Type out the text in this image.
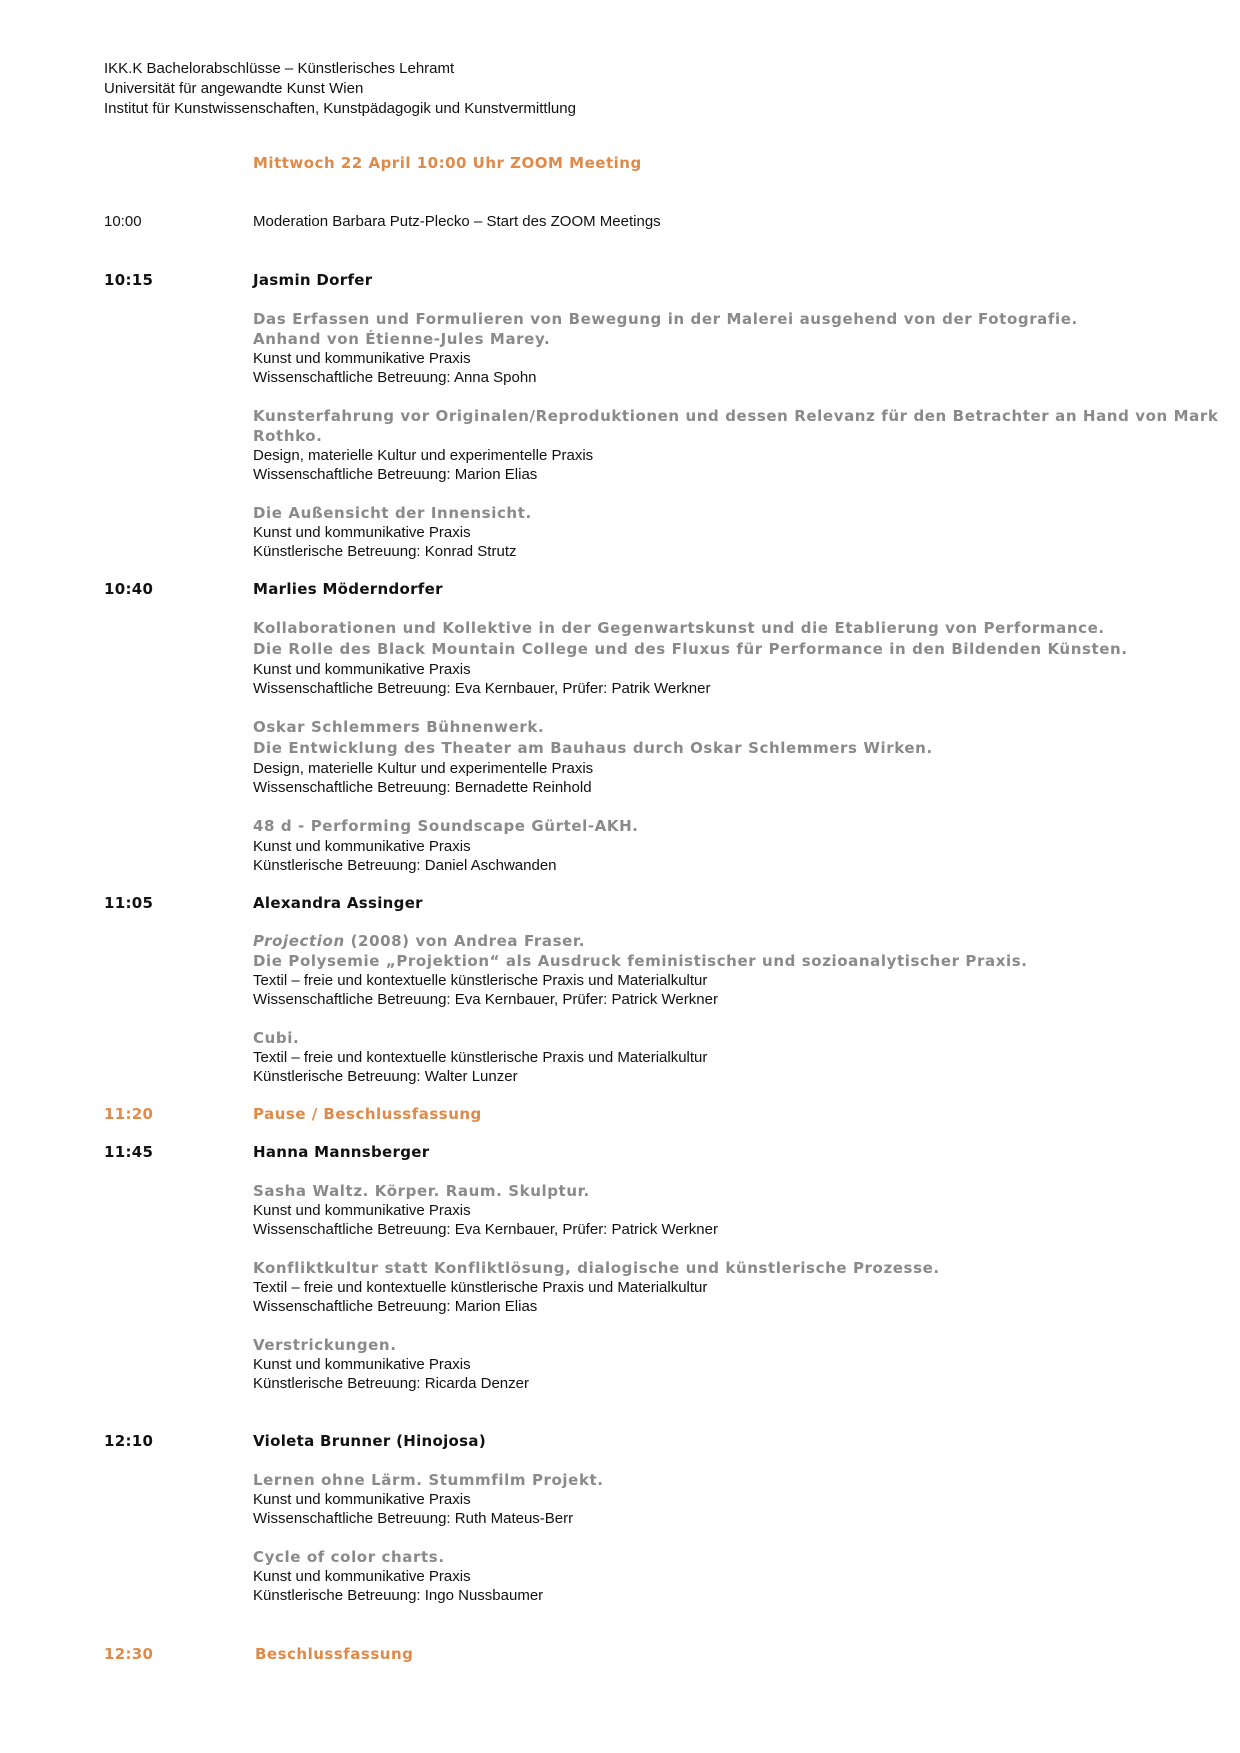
IKK.K Bachelorabschlüsse – Künstlerisches Lehramt
Universität für angewandte Kunst Wien
Institut für Kunstwissenschaften, Kunstpädagogik und Kunstvermittlung
Mittwoch 22 April 10:00 Uhr ZOOM Meeting
10:00	Moderation Barbara Putz-Plecko – Start des ZOOM Meetings
10:15	Jasmin Dorfer
Das Erfassen und Formulieren von Bewegung in der Malerei ausgehend von der Fotografie.
Anhand von Étienne-Jules Marey.
Kunst und kommunikative Praxis
Wissenschaftliche Betreuung: Anna Spohn
Kunsterfahrung vor Originalen/Reproduktionen und dessen Relevanz für den Betrachter an Hand von Mark
Rothko.
Design, materielle Kultur und experimentelle Praxis
Wissenschaftliche Betreuung: Marion Elias
Die Außensicht der Innensicht.
Kunst und kommunikative Praxis
Künstlerische Betreuung: Konrad Strutz
10:40	Marlies Möderndorfer
Kollaborationen und Kollektive in der Gegenwartskunst und die Etablierung von Performance.
Die Rolle des Black Mountain College und des Fluxus für Performance in den Bildenden Künsten.
Kunst und kommunikative Praxis
Wissenschaftliche Betreuung: Eva Kernbauer, Prüfer: Patrik Werkner
Oskar Schlemmers Bühnenwerk.
Die Entwicklung des Theater am Bauhaus durch Oskar Schlemmers Wirken.
Design, materielle Kultur und experimentelle Praxis
Wissenschaftliche Betreuung: Bernadette Reinhold
48 d - Performing Soundscape Gürtel-AKH.
Kunst und kommunikative Praxis
Künstlerische Betreuung: Daniel Aschwanden
11:05	Alexandra Assinger
Projection (2008) von Andrea Fraser.
Die Polysemie „Projektion“ als Ausdruck feministischer und sozioanalytischer Praxis.
Textil – freie und kontextuelle künstlerische Praxis und Materialkultur
Wissenschaftliche Betreuung: Eva Kernbauer, Prüfer: Patrick Werkner
Cubi.
Textil – freie und kontextuelle künstlerische Praxis und Materialkultur
Künstlerische Betreuung: Walter Lunzer
11:20	Pause / Beschlussfassung
11:45	Hanna Mannsberger
Sasha Waltz. Körper. Raum. Skulptur.
Kunst und kommunikative Praxis
Wissenschaftliche Betreuung: Eva Kernbauer, Prüfer: Patrick Werkner
Konfliktkultur statt Konfliktlösung, dialogische und künstlerische Prozesse.
Textil – freie und kontextuelle künstlerische Praxis und Materialkultur
Wissenschaftliche Betreuung: Marion Elias
Verstrickungen.
Kunst und kommunikative Praxis
Künstlerische Betreuung: Ricarda Denzer
12:10	Violeta Brunner (Hinojosa)
Lernen ohne Lärm. Stummfilm Projekt.
Kunst und kommunikative Praxis
Wissenschaftliche Betreuung: Ruth Mateus-Berr
Cycle of color charts.
Kunst und kommunikative Praxis
Künstlerische Betreuung: Ingo Nussbaumer
12:30	Beschlussfassung
